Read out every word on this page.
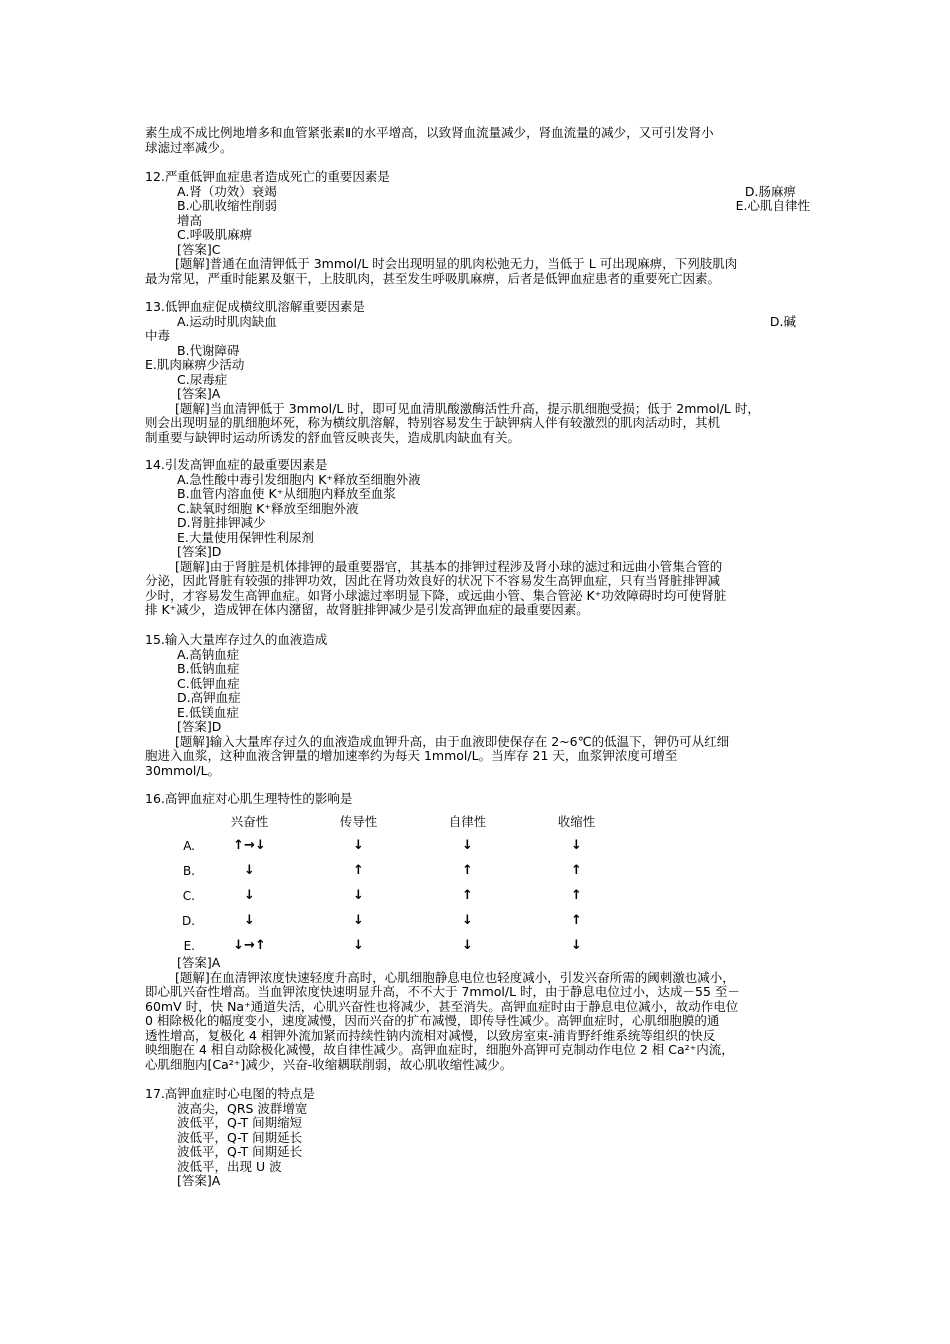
素生成不成比例地增多和血管紧张素Ⅱ的水平增高，以致肾血流量减少，肾血流量的减少，又可引发肾小
球滤过率减少。
12.严重低钾血症患者造成死亡的重要因素是
A.肾（功效）衰竭	D.肠麻痹
B.心肌收缩性削弱	E.心肌自律性
增高
C.呼吸肌麻痹
[答案]C
[题解]普通在血清钾低于 3mmol/L 时会出现明显的肌肉松弛无力，当低于 L 可出现麻痹，下列肢肌肉
最为常见，严重时能累及躯干，上肢肌肉，甚至发生呼吸肌麻痹，后者是低钾血症患者的重要死亡因素。
13.低钾血症促成横纹肌溶解重要因素是
A.运动时肌肉缺血	D.碱
中毒
B.代谢障碍
E.肌肉麻痹少活动
C.尿毒症
[答案]A
[题解]当血清钾低于 3mmol/L 时，即可见血清肌酸激酶活性升高，提示肌细胞受损；低于 2mmol/L 时，
则会出现明显的肌细胞坏死，称为横纹肌溶解，特别容易发生于缺钾病人伴有较激烈的肌肉活动时，其机
制重要与缺钾时运动所诱发的舒血管反映丧失，造成肌肉缺血有关。
14.引发高钾血症的最重要因素是
A.急性酸中毒引发细胞内 K⁺释放至细胞外液
B.血管内溶血使 K⁺从细胞内释放至血浆
C.缺氧时细胞 K⁺释放至细胞外液
D.肾脏排钾减少
E.大量使用保钾性利尿剂
[答案]D
[题解]由于肾脏是机体排钾的最重要器官，其基本的排钾过程涉及肾小球的滤过和远曲小管集合管的
分泌，因此肾脏有较强的排钾功效，因此在肾功效良好的状况下不容易发生高钾血症，只有当肾脏排钾减
少时，才容易发生高钾血症。如肾小球滤过率明显下降，或远曲小管、集合管泌 K⁺功效障碍时均可使肾脏
排 K⁺减少，造成钾在体内潴留，故肾脏排钾减少是引发高钾血症的最重要因素。
15.输入大量库存过久的血液造成
A.高钠血症
B.低钠血症
C.低钾血症
D.高钾血症
E.低镁血症
[答案]D
[题解]输入大量库存过久的血液造成血钾升高，由于血液即使保存在 2~6℃的低温下，钾仍可从红细
胞进入血浆，这种血液含钾量的增加速率约为每天 1mmol/L。当库存 21 天，血浆钾浓度可增至
30mmol/L。
16.高钾血症对心肌生理特性的影响是
	兴奋性	传导性	自律性	收缩性
A.	↑→↓	↓	↓	↓
B.	↓	↑	↑	↑
C.	↓	↓	↑	↑
D.	↓	↓	↓	↑
E.	↓→↑	↓	↓	↓
[答案]A
[题解]在血清钾浓度快速轻度升高时，心肌细胞静息电位也轻度减小，引发兴奋所需的阈刺激也减小，
即心肌兴奋性增高。当血钾浓度快速明显升高，不不大于 7mmol/L 时，由于静息电位过小，达成－55 至－
60mV 时，快 Na⁺通道失活，心肌兴奋性也将减少，甚至消失。高钾血症时由于静息电位减小，故动作电位
0 相除极化的幅度变小，速度减慢，因而兴奋的扩布减慢，即传导性减少。高钾血症时，心肌细胞膜的通
透性增高，复极化 4 相钾外流加紧而持续性钠内流相对减慢，以致房室束-浦肯野纤维系统等组织的快反
映细胞在 4 相自动除极化减慢，故自律性减少。高钾血症时，细胞外高钾可克制动作电位 2 相 Ca²⁺内流，
心肌细胞内[Ca²⁺]减少，兴奋-收缩耦联削弱，故心肌收缩性减少。
17.高钾血症时心电图的特点是
波高尖，QRS 波群增宽
波低平，Q-T 间期缩短
波低平，Q-T 间期延长
波低平，Q-T 间期延长
波低平，出现 U 波
[答案]A
